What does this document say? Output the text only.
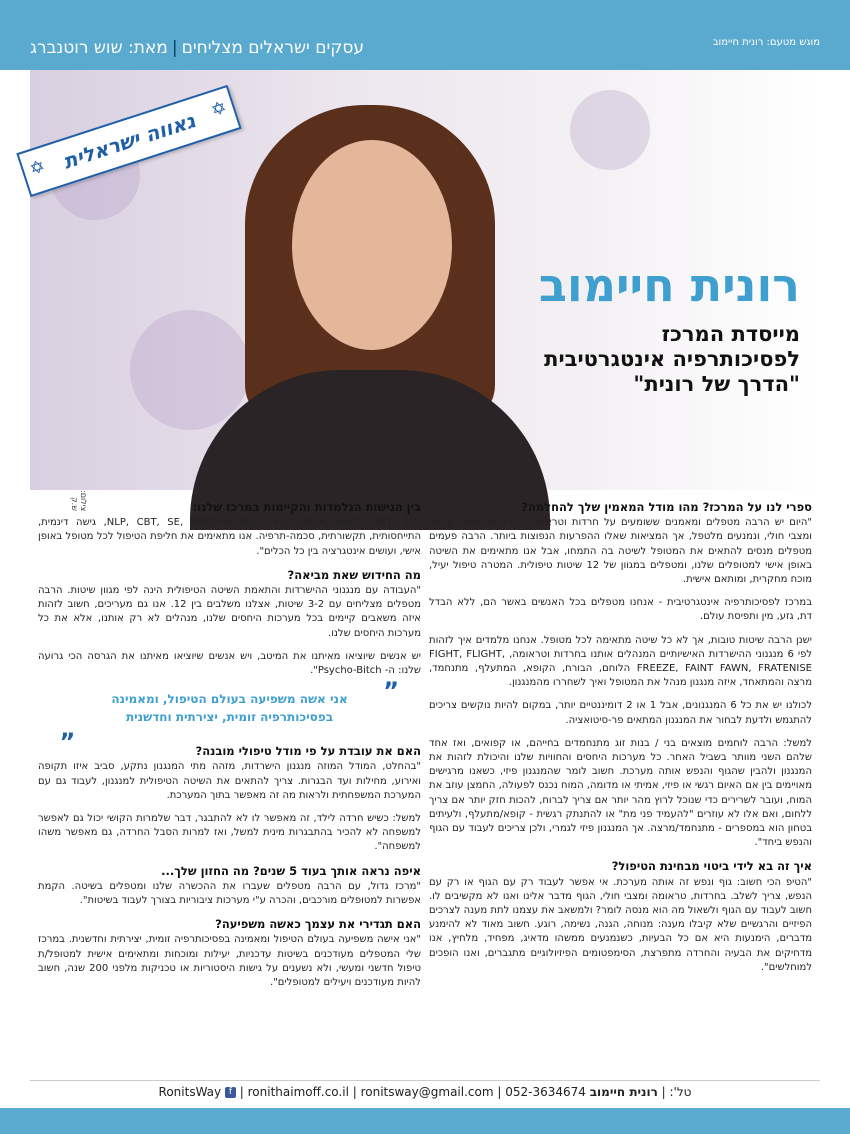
מוגש מטעם: רונית חיימוב
עסקים ישראלים מצליחים|מאת: שוש רוטנברג
צילום: ש.ק
✡
גאווה ישראלית
✡
רונית חיימוב
מייסדת המרכז
לפסיכותרפיה אינטגרטיבית
"הדרך של רונית"
ספרי לנו על המרכז? מהו מודל המאמין שלך להחלמה?
"היום יש הרבה מטפלים ומאמנים ששומעים על חרדות וטראומה, כולל טראומות מיניות ומצבי חולי, ונמנעים מלטפל, אך המציאות שאלו ההפרעות הנפוצות ביותר. הרבה פעמים מטפלים מנסים להתאים את המטופל לשיטה בה התמחו, אבל אנו מתאימים את השיטה באופן אישי למטופלים שלנו, ומטפלים במגוון של 12 שיטות טיפולית. המטרה טיפול יעיל, מוכח מחקרית, ומותאם אישית.
במרכז לפסיכותרפיה אינטגרטיבית - אנחנו מטפלים בכל האנשים באשר הם, ללא הבדל דת, גזע, מין ותפיסת עולם.
ישנן הרבה שיטות טובות, אך לא כל שיטה מתאימה לכל מטופל. אנחנו מלמדים איך לזהות לפי 6 מנגנוני ההישרדות האישיותיים המנהלים אותנו בחרדות וטראומה, FIGHT, FLIGHT, FREEZE, FAINT FAWN, FRATENISE הלוחם, הבורח, הקופא, המתעלף, מתנחמד, מרצה והמתאחד, איזה מנגנון מנהל את המטופל ואיך לשחררו מהמנגנון.
לכולנו יש את כל 6 המנגנונים, אבל 1 או 2 דומיננטיים יותר, במקום להיות נוקשים צריכים להתגמש ולדעת לבחור את המנגנון המתאים פר-סיטואציה.
למשל: הרבה לוחמים מוצאים בני / בנות זוג מתנחמדים בחייהם, או קפואים, ואז אחד שלהם השני מוותר בשביל האחר. כל מערכות היחסים והחוויות שלנו והיכולת לזהות את המנגנון ולהבין שהגוף והנפש אותה מערכת. חשוב לומר שהמנגנון פיזי, כשאנו מרגישים מאויימים בין אם האיום רגשי או פיזי, אמיתי או מדומה, המוח נכנס לפעולה, החמצן עוזב את המוח, ועובר לשרירים כדי שנוכל לרוץ מהר יותר אם צריך לברוח, להכות חזק יותר אם צריך ללחום, ואם אלו לא עוזרים "להעמיד פני מת" או להתנתק רגשית - קופא/מתעלף, ולעיתים בטחון הוא במספרים - מתנחמד/מרצה. אך המנגנון פיזי לגמרי, ולכן צריכים לעבוד עם הגוף והנפש ביחד".
איך זה בא לידי ביטוי מבחינת הטיפול?
"הטיפ הכי חשוב: גוף ונפש זה אותה מערכת. אי אפשר לעבוד רק עם הגוף או רק עם הנפש, צריך לשלב. בחרדות, טראומה ומצבי חולי, הגוף מדבר אלינו ואנו לא מקשיבים לו. חשוב לעבוד עם הגוף ולשאול מה הוא מנסה לומר? ולמשאב את עצמנו לתת מענה לצרכים הפיזיים והרגשיים שלא קיבלו מענה: מנוחה, הגנה, נשימה, רוגע. חשוב מאוד לא להימנע מדברים, הימנעות היא אם כל הבעיות, כשנמנעים ממשהו מדאיג, מפחיד, מלחיץ, אנו מדחיקים את הבעיה והחרדה מתפרצת, הסימפטומים הפיזיולוגיים מתגברים, ואנו הופכים למוחלשים".
בין הגישות הנלמדות והקיימות במרכז שלנו:
NLP, CBT, SE, MINDFULNESS, PE, EMDR, IEMT, DBT, SFT, גישה דינמית, התייחסותית, תקשורתית, סכמה-תרפיה. אנו מתאימים את חליפת הטיפול לכל מטופל באופן אישי, ועושים אינטגרציה בין כל הכלים".
מה החידוש שאת מביאה?
"העבודה עם מנגנוני ההישרדות והתאמת השיטה הטיפולית הינה לפי מגוון שיטות. הרבה מטפלים מצליחים עם 3-2 שיטות, אצלנו משלבים בין 12. אנו גם מעריכים, חשוב לזהות איזה משאבים קיימים בכל מערכות היחסים שלנו, מנהלים לא רק אותנו, אלא את כל מערכות היחסים שלנו.
יש אנשים שיוציאו מאיתנו את המיטב, ויש אנשים שיוציאו מאיתנו את הגרסה הכי גרועה שלנו: ה- Psycho-Bitch".
”
אני אשה משפיעה בעולם הטיפול, ומאמינה בפסיכותרפיה זומית, יצירתית וחדשנית
„
האם את עובדת על פי מודל טיפולי מובנה?
"בהחלט, המודל המוזה מנגנון הישרדות, מזהה מתי המנגנון נתקע, סביב איזו תקופה ואירוע, מחילות ועד הבגרות. צריך להתאים את השיטה הטיפולית למנגנון, לעבוד גם עם המערכת המשפחתית ולראות מה זה מאפשר בתוך המערכת.
למשל: כשיש חרדה לילד, זה מאפשר לו לא להתבגר, דבר שלמרות הקושי יכול גם לאפשר למשפחה לא להכיר בהתבגרות מינית למשל, ואז למרות הסבל החרדה, גם מאפשר משהו למשפחה".
איפה נראה אותך בעוד 5 שנים? מה החזון שלך...
"מרכז גדול, עם הרבה מטפלים שעברו את ההכשרה שלנו ומטפלים בשיטה. הקמת אפשרות למטופלים מורכבים, והכרה ע"י מערכות ציבוריות בצורך לעבוד בשיטות".
האם תגדירי את עצמך כאשה משפיעה?
"אני אישה משפיעה בעולם הטיפול ומאמינה בפסיכותרפיה זומית, יצירתית וחדשנית. במרכז שלי המטפלים מעודכנים בשיטות עדכניות, יעילות ומוכחות ומתאימים אישית למטופל/ת טיפול חדשני ומעשי, ולא נשענים על גישות היסטוריות או טכניקות מלפני 200 שנה, חשוב להיות מעודכנים ויעילים למטופלים".
RonitsWay f | ronithaimoff.co.il | ronitsway@gmail.com | 052-3634674	טל': | רונית חיימוב
